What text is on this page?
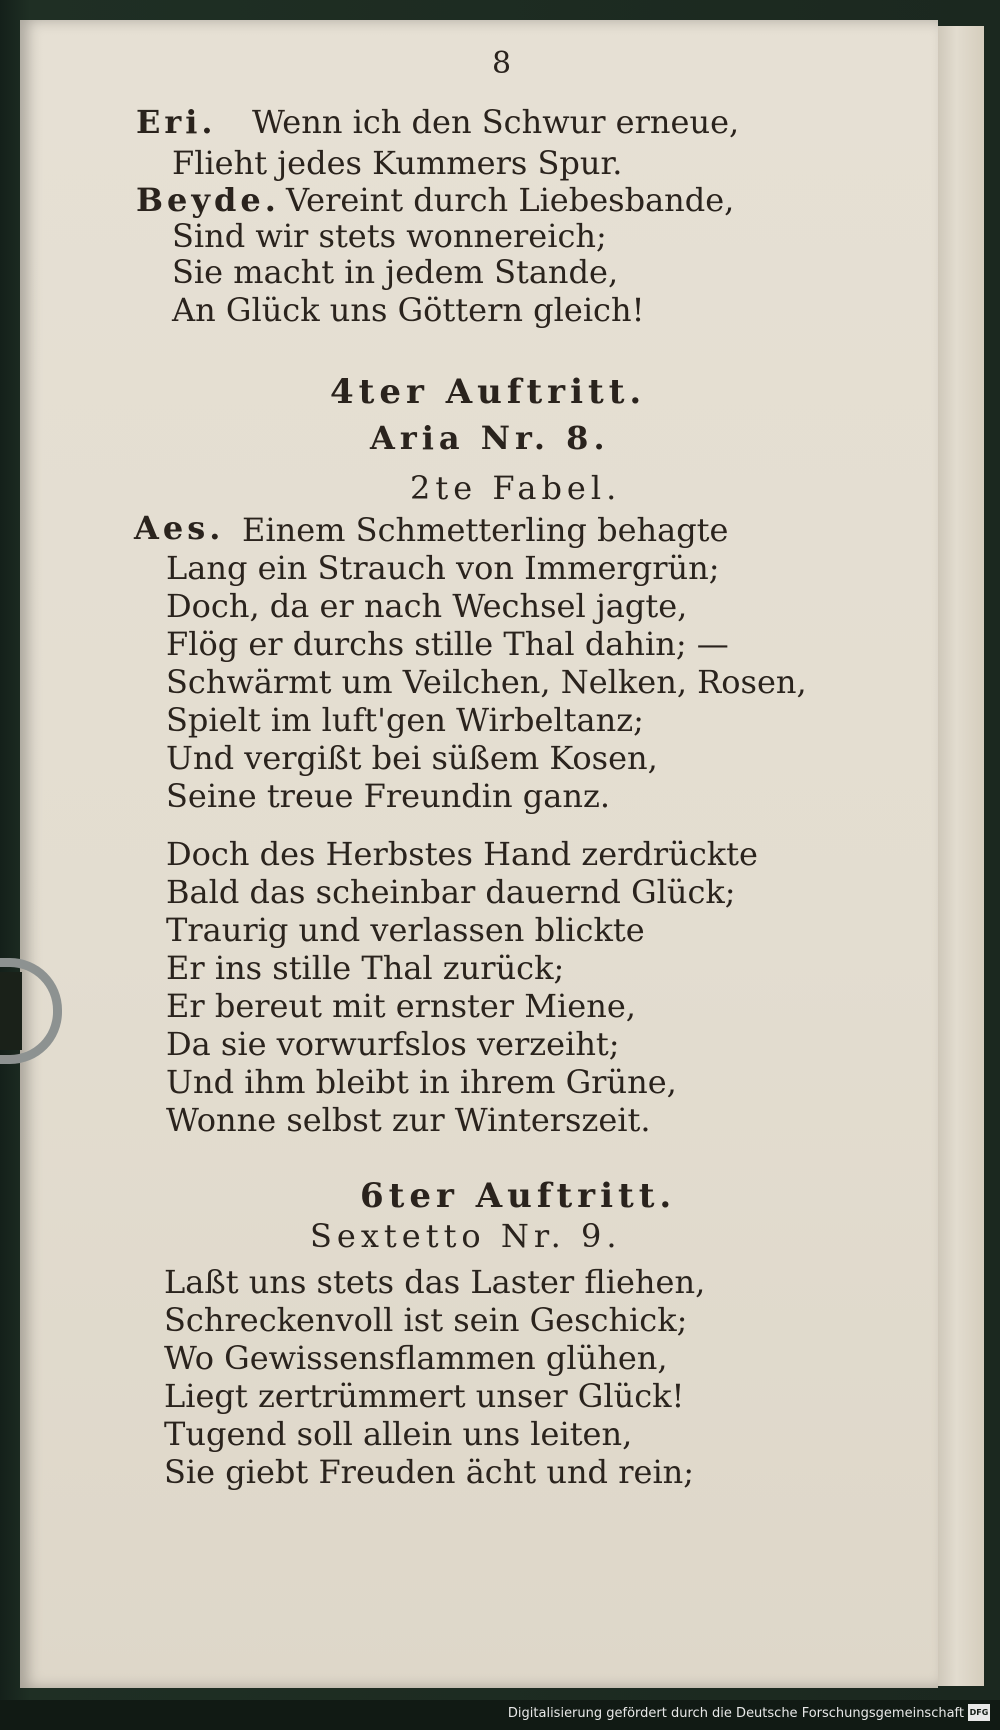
8
Eri. Wenn ich den Schwur erneue,
Flieht jedes Kummers Spur.
Beyde. Vereint durch Liebesbande,
Sind wir stets wonnereich;
Sie macht in jedem Stande,
An Glück uns Göttern gleich!
4ter Auftritt.
Aria Nr. 8.
2te Fabel.
Aes. Einem Schmetterling behagte
Lang ein Strauch von Immergrün;
Doch, da er nach Wechsel jagte,
Flög er durchs stille Thal dahin; —
Schwärmt um Veilchen, Nelken, Rosen,
Spielt im luft'gen Wirbeltanz;
Und vergißt bei süßem Kosen,
Seine treue Freundin ganz.
Doch des Herbstes Hand zerdrückte
Bald das scheinbar dauernd Glück;
Traurig und verlassen blickte
Er ins stille Thal zurück;
Er bereut mit ernster Miene,
Da sie vorwurfslos verzeiht;
Und ihm bleibt in ihrem Grüne,
Wonne selbst zur Winterszeit.
6ter Auftritt.
Sextetto Nr. 9.
Laßt uns stets das Laster fliehen,
Schreckenvoll ist sein Geschick;
Wo Gewissensflammen glühen,
Liegt zertrümmert unser Glück!
Tugend soll allein uns leiten,
Sie giebt Freuden ächt und rein;
Digitalisierung gefördert durch die Deutsche Forschungsgemeinschaft DFG
